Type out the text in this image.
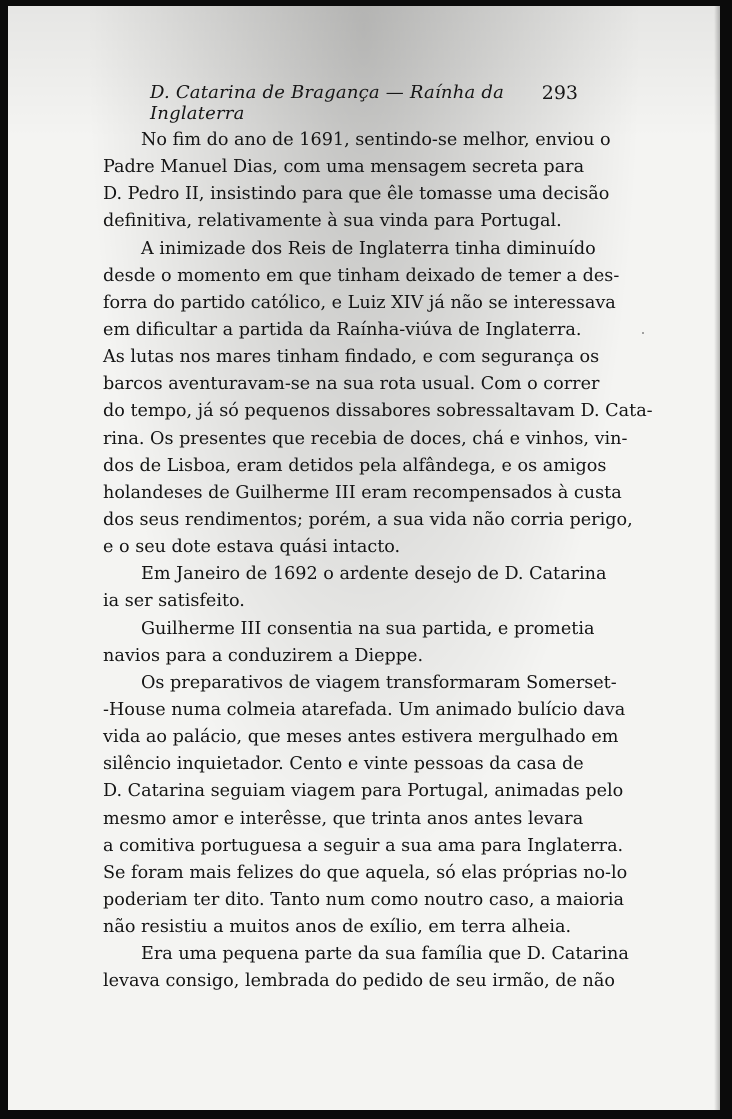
D. Catarina de Bragança — Raínha da Inglaterra
293
No fim do ano de 1691, sentindo-se melhor, enviou o
Padre Manuel Dias, com uma mensagem secreta para
D. Pedro II, insistindo para que êle tomasse uma decisão
definitiva, relativamente à sua vinda para Portugal.
A inimizade dos Reis de Inglaterra tinha diminuído
desde o momento em que tinham deixado de temer a des-
forra do partido católico, e Luiz XIV já não se interessava
em dificultar a partida da Raínha-viúva de Inglaterra.
As lutas nos mares tinham findado, e com segurança os
barcos aventuravam-se na sua rota usual. Com o correr
do tempo, já só pequenos dissabores sobressaltavam D. Cata-
rina. Os presentes que recebia de doces, chá e vinhos, vin-
dos de Lisboa, eram detidos pela alfândega, e os amigos
holandeses de Guilherme III eram recompensados à custa
dos seus rendimentos; porém, a sua vida não corria perigo,
e o seu dote estava quási intacto.
Em Janeiro de 1692 o ardente desejo de D. Catarina
ia ser satisfeito.
Guilherme III consentia na sua partida, e prometia
navios para a conduzirem a Dieppe.
Os preparativos de viagem transformaram Somerset-
-House numa colmeia atarefada. Um animado bulício dava
vida ao palácio, que meses antes estivera mergulhado em
silêncio inquietador. Cento e vinte pessoas da casa de
D. Catarina seguiam viagem para Portugal, animadas pelo
mesmo amor e interêsse, que trinta anos antes levara
a comitiva portuguesa a seguir a sua ama para Inglaterra.
Se foram mais felizes do que aquela, só elas próprias no-lo
poderiam ter dito. Tanto num como noutro caso, a maioria
não resistiu a muitos anos de exílio, em terra alheia.
Era uma pequena parte da sua família que D. Catarina
levava consigo, lembrada do pedido de seu irmão, de não
